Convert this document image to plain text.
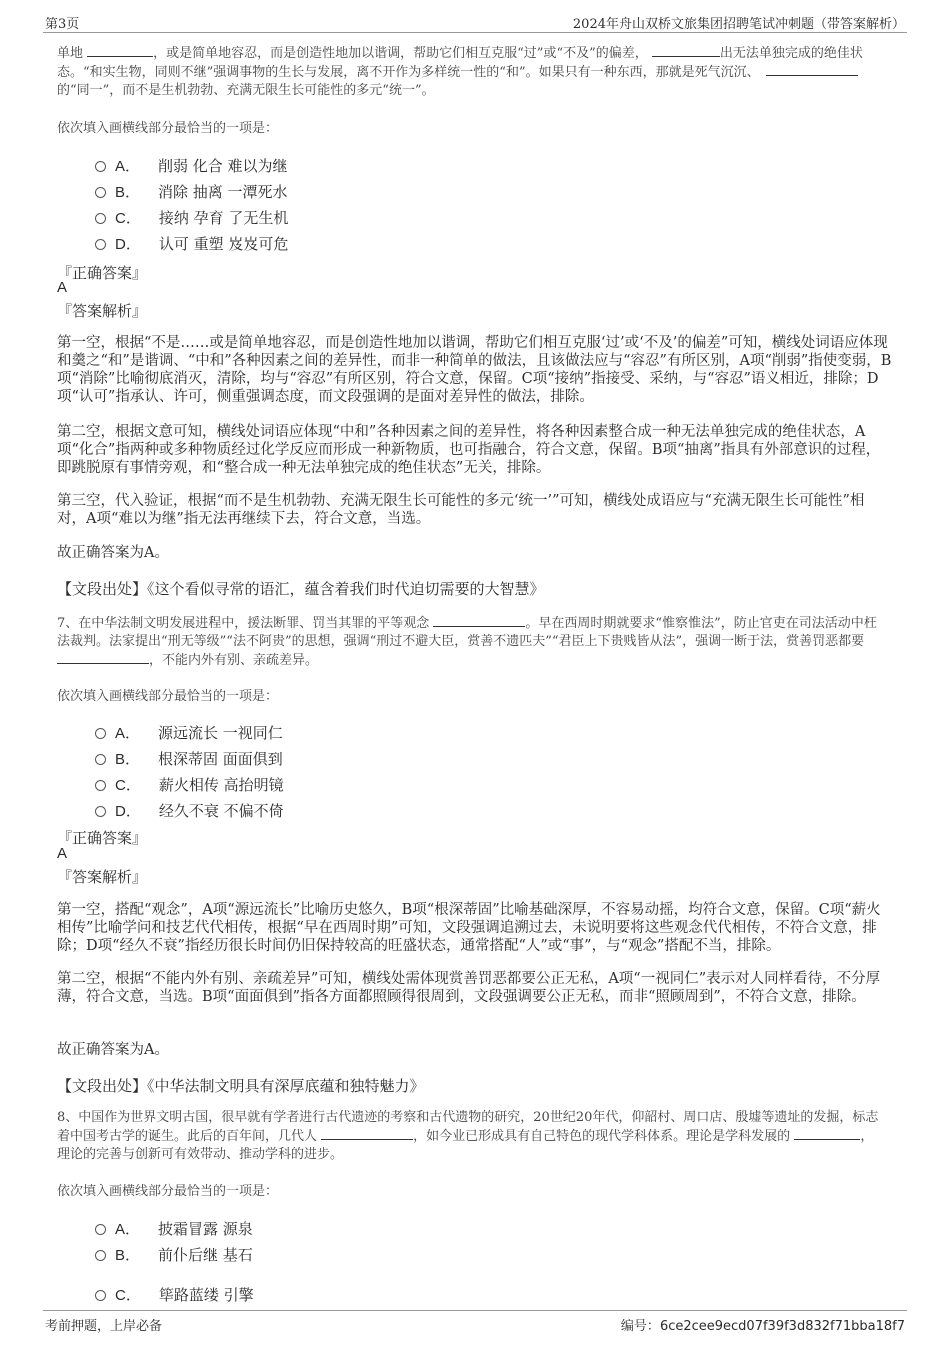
第3页	2024年舟山双桥文旅集团招聘笔试冲刺题（带答案解析）
单地	，或是简单地容忍，而是创造性地加以谐调，帮助它们相互克服“过”或“不及”的偏差，	出无法单独完成的绝佳状
态。“和实生物，同则不继”强调事物的生长与发展，离不开作为多样统一性的“和”。如果只有一种东西，那就是死气沉沉、
的“同一”，而不是生机勃勃、充满无限生长可能性的多元“统一”。
依次填入画横线部分最恰当的一项是：
A． 削弱 化合 难以为继
B． 消除 抽离 一潭死水
C． 接纳 孕育 了无生机
D． 认可 重塑 岌岌可危
『正确答案』
A
『答案解析』
第一空，根据“不是……或是简单地容忍，而是创造性地加以谐调，帮助它们相互克服‘过’或‘不及’的偏差”可知，横线处词语应体现和羹之“和”是谐调、“中和”各种因素之间的差异性，而非一种简单的做法，且该做法应与“容忍”有所区别，A项“削弱”指使变弱，B项“消除”比喻彻底消灭，清除，均与“容忍”有所区别，符合文意，保留。C项“接纳”指接受、采纳，与“容忍”语义相近，排除；D项“认可”指承认、许可，侧重强调态度，而文段强调的是面对差异性的做法，排除。
第二空，根据文意可知，横线处词语应体现“中和”各种因素之间的差异性，将各种因素整合成一种无法单独完成的绝佳状态，A项“化合”指两种或多种物质经过化学反应而形成一种新物质，也可指融合，符合文意，保留。B项“抽离”指具有外部意识的过程，即跳脱原有事情旁观，和“整合成一种无法单独完成的绝佳状态”无关，排除。
第三空，代入验证，根据“而不是生机勃勃、充满无限生长可能性的多元‘统一’”可知，横线处成语应与“充满无限生长可能性”相对，A项“难以为继”指无法再继续下去，符合文意，当选。
故正确答案为A。
【文段出处】《这个看似寻常的语汇，蕴含着我们时代迫切需要的大智慧》
7、在中华法制文明发展进程中，援法断罪、罚当其罪的平等观念	。早在西周时期就要求“惟察惟法”，防止官吏在司法活动中枉
法裁判。法家提出“刑无等级”“法不阿贵”的思想，强调“刑过不避大臣，赏善不遗匹夫”“君臣上下贵贱皆从法”，强调一断于法，赏善罚恶都要
，不能内外有别、亲疏差异。
依次填入画横线部分最恰当的一项是：
A． 源远流长 一视同仁
B． 根深蒂固 面面俱到
C． 薪火相传 高抬明镜
D． 经久不衰 不偏不倚
『正确答案』
A
『答案解析』
第一空，搭配“观念”，A项“源远流长”比喻历史悠久，B项“根深蒂固”比喻基础深厚，不容易动摇，均符合文意，保留。C项“薪火相传”比喻学问和技艺代代相传，根据“早在西周时期”可知，文段强调追溯过去，未说明要将这些观念代代相传，不符合文意，排除；D项“经久不衰”指经历很长时间仍旧保持较高的旺盛状态，通常搭配“人”或“事”，与“观念”搭配不当，排除。
第二空，根据“不能内外有别、亲疏差异”可知，横线处需体现赏善罚恶都要公正无私，A项“一视同仁”表示对人同样看待，不分厚薄，符合文意，当选。B项“面面俱到”指各方面都照顾得很周到，文段强调要公正无私，而非“照顾周到”，不符合文意，排除。
故正确答案为A。
【文段出处】《中华法制文明具有深厚底蕴和独特魅力》
8、中国作为世界文明古国，很早就有学者进行古代遗迹的考察和古代遗物的研究，20世纪20年代，仰韶村、周口店、殷墟等遗址的发掘，标志
着中国考古学的诞生。此后的百年间，几代人	，如今业已形成具有自己特色的现代学科体系。理论是学科发展的	，
理论的完善与创新可有效带动、推动学科的进步。
依次填入画横线部分最恰当的一项是：
A． 披霜冒露 源泉
B． 前仆后继 基石
C． 筚路蓝缕 引擎
考前押题，上岸必备	编号：6ce2cee9ecd07f39f3d832f71bba18f7
